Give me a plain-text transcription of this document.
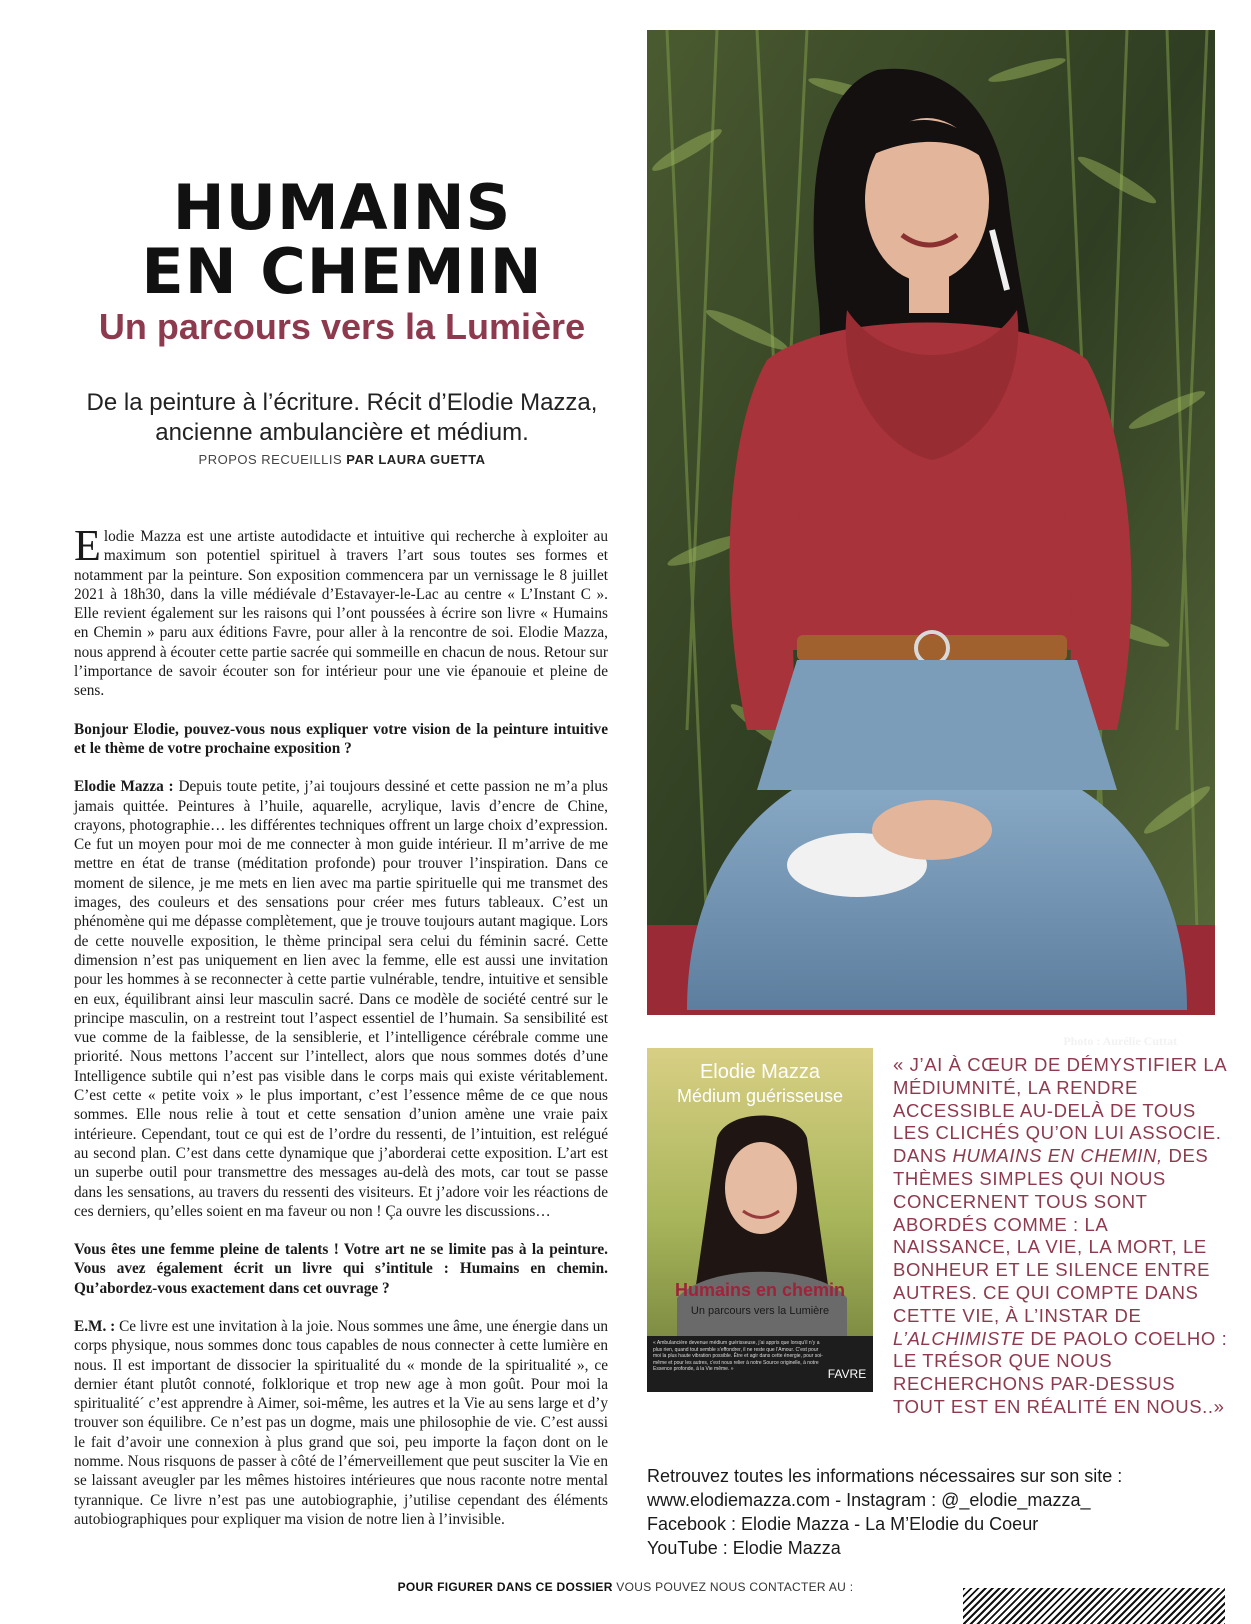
HUMAINS
EN CHEMIN
Un parcours vers la Lumière

De la peinture à l’écriture. Récit d’Elodie Mazza,
ancienne ambulancière et médium.

PROPOS RECUEILLIS PAR LAURA GUETTA

Elodie Mazza est une artiste autodidacte et intuitive qui recherche à exploiter au maximum son potentiel spirituel à travers l’art sous toutes ses formes et notamment par la peinture. Son exposition commencera par un vernissage le 8 juillet 2021 à 18h30, dans la ville médiévale d’Estavayer-le-Lac au centre « L’Instant C ». Elle revient également sur les raisons qui l’ont poussées à écrire son livre « Humains en Chemin » paru aux éditions Favre, pour aller à la rencontre de soi. Elodie Mazza, nous apprend à écouter cette partie sacrée qui sommeille en chacun de nous. Retour sur l’importance de savoir écouter son for intérieur pour une vie épanouie et pleine de sens.

Bonjour Elodie, pouvez-vous nous expliquer votre vision de la peinture intuitive et le thème de votre prochaine exposition ?

Elodie Mazza : Depuis toute petite, j’ai toujours dessiné et cette passion ne m’a plus jamais quittée. Peintures à l’huile, aquarelle, acrylique, lavis d’encre de Chine, crayons, photographie… les différentes techniques offrent un large choix d’expression. Ce fut un moyen pour moi de me connecter à mon guide intérieur. Il m’arrive de me mettre en état de transe (méditation profonde) pour trouver l’inspiration. Dans ce moment de silence, je me mets en lien avec ma partie spirituelle qui me transmet des images, des couleurs et des sensations pour créer mes futurs tableaux. C’est un phénomène qui me dépasse complètement, que je trouve toujours autant magique. Lors de cette nouvelle exposition, le thème principal sera celui du féminin sacré. Cette dimension n’est pas uniquement en lien avec la femme, elle est aussi une invitation pour les hommes à se reconnecter à cette partie vulnérable, tendre, intuitive et sensible en eux, équilibrant ainsi leur masculin sacré. Dans ce modèle de société centré sur le principe masculin, on a restreint tout l’aspect essentiel de l’humain. Sa sensibilité est vue comme de la faiblesse, de la sensiblerie, et l’intelligence cérébrale comme une priorité. Nous mettons l’accent sur l’intellect, alors que nous sommes dotés d’une Intelligence subtile qui n’est pas visible dans le corps mais qui existe véritablement. C’est cette « petite voix » le plus important, c’est l’essence même de ce que nous sommes. Elle nous relie à tout et cette sensation d’union amène une vraie paix intérieure. Cependant, tout ce qui est de l’ordre du ressenti, de l’intuition, est relégué au second plan. C’est dans cette dynamique que j’aborderai cette exposition. L’art est un superbe outil pour transmettre des messages au-delà des mots, car tout se passe dans les sensations, au travers du ressenti des visiteurs. Et j’adore voir les réactions de ces derniers, qu’elles soient en ma faveur ou non ! Ça ouvre les discussions…

Vous êtes une femme pleine de talents ! Votre art ne se limite pas à la peinture. Vous avez également écrit un livre qui s’intitule : Humains en chemin. Qu’abordez-vous exactement dans cet ouvrage ?

E.M. : Ce livre est une invitation à la joie. Nous sommes une âme, une énergie dans un corps physique, nous sommes donc tous capables de nous connecter à cette lumière en nous. Il est important de dissocier la spiritualité du « monde de la spiritualité », ce dernier étant plutôt connoté, folklorique et trop new age à mon goût. Pour moi la spiritualité´ c’est apprendre à Aimer, soi-même, les autres et la Vie au sens large et d’y trouver son équilibre. Ce n’est pas un dogme, mais une philosophie de vie. C’est aussi le fait d’avoir une connexion à plus grand que soi, peu importe la façon dont on le nomme. Nous risquons de passer à côté de l’émerveillement que peut susciter la Vie en se laissant aveugler par les mêmes histoires intérieures que nous raconte notre mental tyrannique. Ce livre n’est pas une autobiographie, j’utilise cependant des éléments autobiographiques pour expliquer ma vision de notre lien à l’invisible.

Photo : Aurélie Cuttat
Elodie Mazza
Médium guérisseuse
Humains en chemin
Un parcours vers la Lumière
« Ambulancière devenue médium guérisseuse, j’ai appris que lorsqu’il n’y a plus rien, quand tout semble s’effondrer, il ne reste que l’Amour. C’est pour moi la plus haute vibration possible. Être et agir dans cette énergie, pour soi-même et pour les autres, c’est nous relier à notre Source originelle, à notre Essence profonde, à la Vie même. »	FAVRE

« J’AI À CŒUR DE DÉMYSTIFIER LA MÉDIUMNITÉ, LA RENDRE ACCESSIBLE AU-DELÀ DE TOUS LES CLICHÉS QU’ON LUI ASSOCIE. DANS HUMAINS EN CHEMIN, DES THÈMES SIMPLES QUI NOUS CONCERNENT TOUS SONT ABORDÉS COMME : LA NAISSANCE, LA VIE, LA MORT, LE BONHEUR ET LE SILENCE ENTRE AUTRES. CE QUI COMPTE DANS CETTE VIE, À L’INSTAR DE L’ALCHIMISTE DE PAOLO COELHO : LE TRÉSOR QUE NOUS RECHERCHONS PAR-DESSUS TOUT EST EN RÉALITÉ EN NOUS..»

Retrouvez toutes les informations nécessaires sur son site :
www.elodiemazza.com - Instagram : @_elodie_mazza_
Facebook : Elodie Mazza - La M’Elodie du Coeur
YouTube : Elodie Mazza
POUR FIGURER DANS CE DOSSIER VOUS POUVEZ NOUS CONTACTER AU :
